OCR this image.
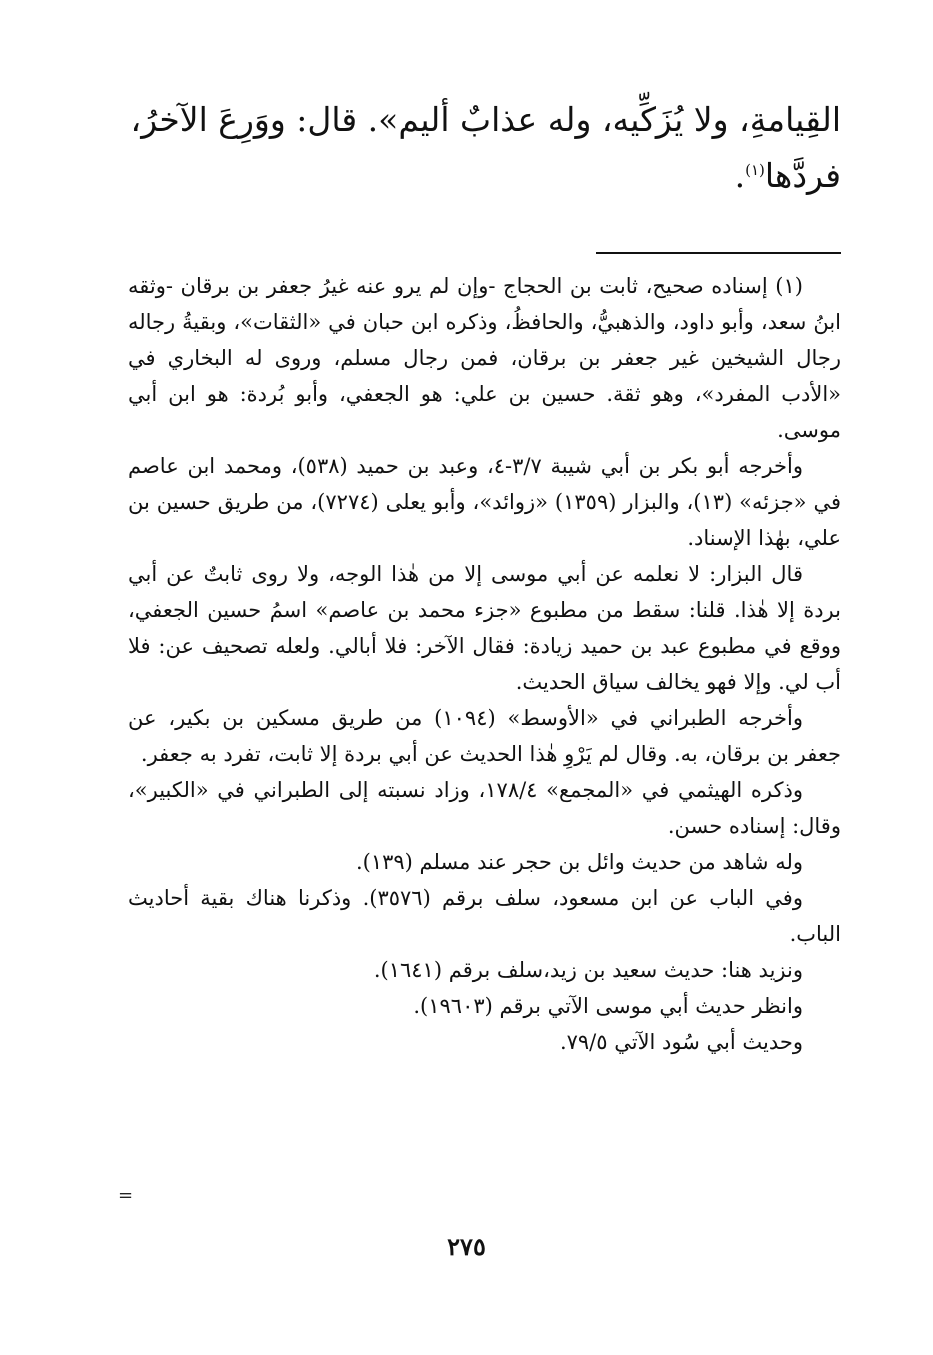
القِيامةِ، ولا يُزَكِّيه، وله عذابٌ أليم». قال: ووَرِعَ الآخرُ،
فردَّها$^{(١)}$.

(١) إسناده صحيح، ثابت بن الحجاج -وإن لم يرو عنه غيرُ جعفر بن برقان -وثقه ابنُ سعد، وأبو داود، والذهبيُّ، والحافظُ، وذكره ابن حبان في «الثقات»، وبقيةُ رجاله رجال الشيخين غير جعفر بن برقان، فمن رجال مسلم، وروى له البخاري في «الأدب المفرد»، وهو ثقة. حسين بن علي: هو الجعفي، وأبو بُردة: هو ابن أبي موسى.

وأخرجه أبو بكر بن أبي شيبة ٣/٧-٤، وعبد بن حميد (٥٣٨)، ومحمد ابن عاصم في «جزئه» (١٣)، والبزار (١٣٥٩) «زوائد»، وأبو يعلى (٧٢٧٤)، من طريق حسين بن علي، بهٰذا الإسناد.

قال البزار: لا نعلمه عن أبي موسى إلا من هٰذا الوجه، ولا روى ثابتٌ عن أبي بردة إلا هٰذا. قلنا: سقط من مطبوع «جزء محمد بن عاصم» اسمُ حسين الجعفي، ووقع في مطبوع عبد بن حميد زيادة: فقال الآخر: فلا أبالي. ولعله تصحيف عن: فلا أب لي. وإلا فهو يخالف سياق الحديث.

وأخرجه الطبراني في «الأوسط» (١٠٩٤) من طريق مسكين بن بكير، عن جعفر بن برقان، به. وقال لم يَرْوِ هٰذا الحديث عن أبي بردة إلا ثابت، تفرد به جعفر.

وذكره الهيثمي في «المجمع» ١٧٨/٤، وزاد نسبته إلى الطبراني في «الكبير»، وقال: إسناده حسن.

وله شاهد من حديث وائل بن حجر عند مسلم (١٣٩).

وفي الباب عن ابن مسعود، سلف برقم (٣٥٧٦). وذكرنا هناك بقية أحاديث الباب.

ونزيد هنا: حديث سعيد بن زيد،سلف برقم (١٦٤١).

وانظر حديث أبي موسى الآتي برقم (١٩٦٠٣).

وحديث أبي سُود الآتي ٧٩/٥.

=
٢٧٥
